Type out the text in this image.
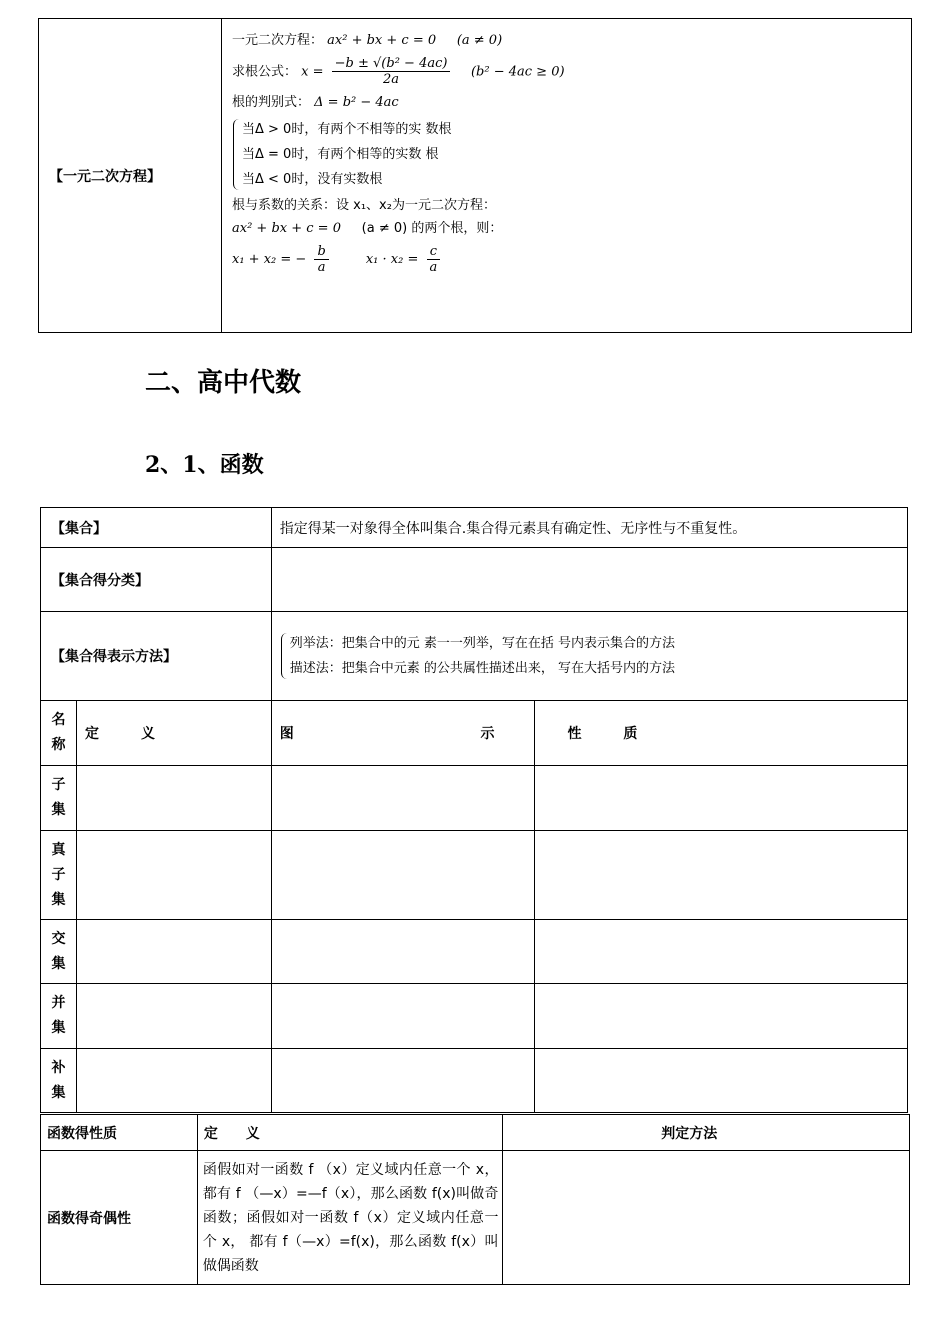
【一元二次方程】	
一元二次方程： ax² + bx + c = 0 (a ≠ 0)
求根公式： $x = \frac{\text{−b ± √(b² − 4ac)}}{2a} (b^2 - 4ac \ge 0)$
根的判别式： Δ = b² − 4ac
当Δ > 0时，有两个不相等的实 数根
当Δ = 0时，有两个相等的实数 根
当Δ < 0时，没有实数根
根与系数的关系：设 x₁、x₂为一元二次方程：
ax² + bx + c = 0 (a ≠ 0) 的两个根，则：
x₁ + x₂ = − $\frac{b}{a}$	$x_1 \cdot x_2 = \frac{c}{a}$
二、高中代数
2、1、函数
【集合】		指定得某一对象得全体叫集合.集合得元素具有确定性、无序性与不重复性。	
【集合得分类】			
【集合得表示方法】		列举法：把集合中的元 素一一列举，写在在括 号内表示集合的方法
描述法：把集合中元素 的公共属性描述出来， 写在大括号内的方法	

名
称	定　　　义	图 示	性　　　质

子
集			

真
子
集			

交
集			

并
集			

补
集			

函数得性质	定　　义	判定方法
函数得奇偶性	函假如对一函数 f （x）定义域内任意一个 x，都有 f （—x）=—f（x），那么函数 f(x)叫做奇函数；函假如对一函数 f（x）定义域内任意一个 x， 都有 f（—x）=f(x)，那么函数 f(x）叫做偶函数	
